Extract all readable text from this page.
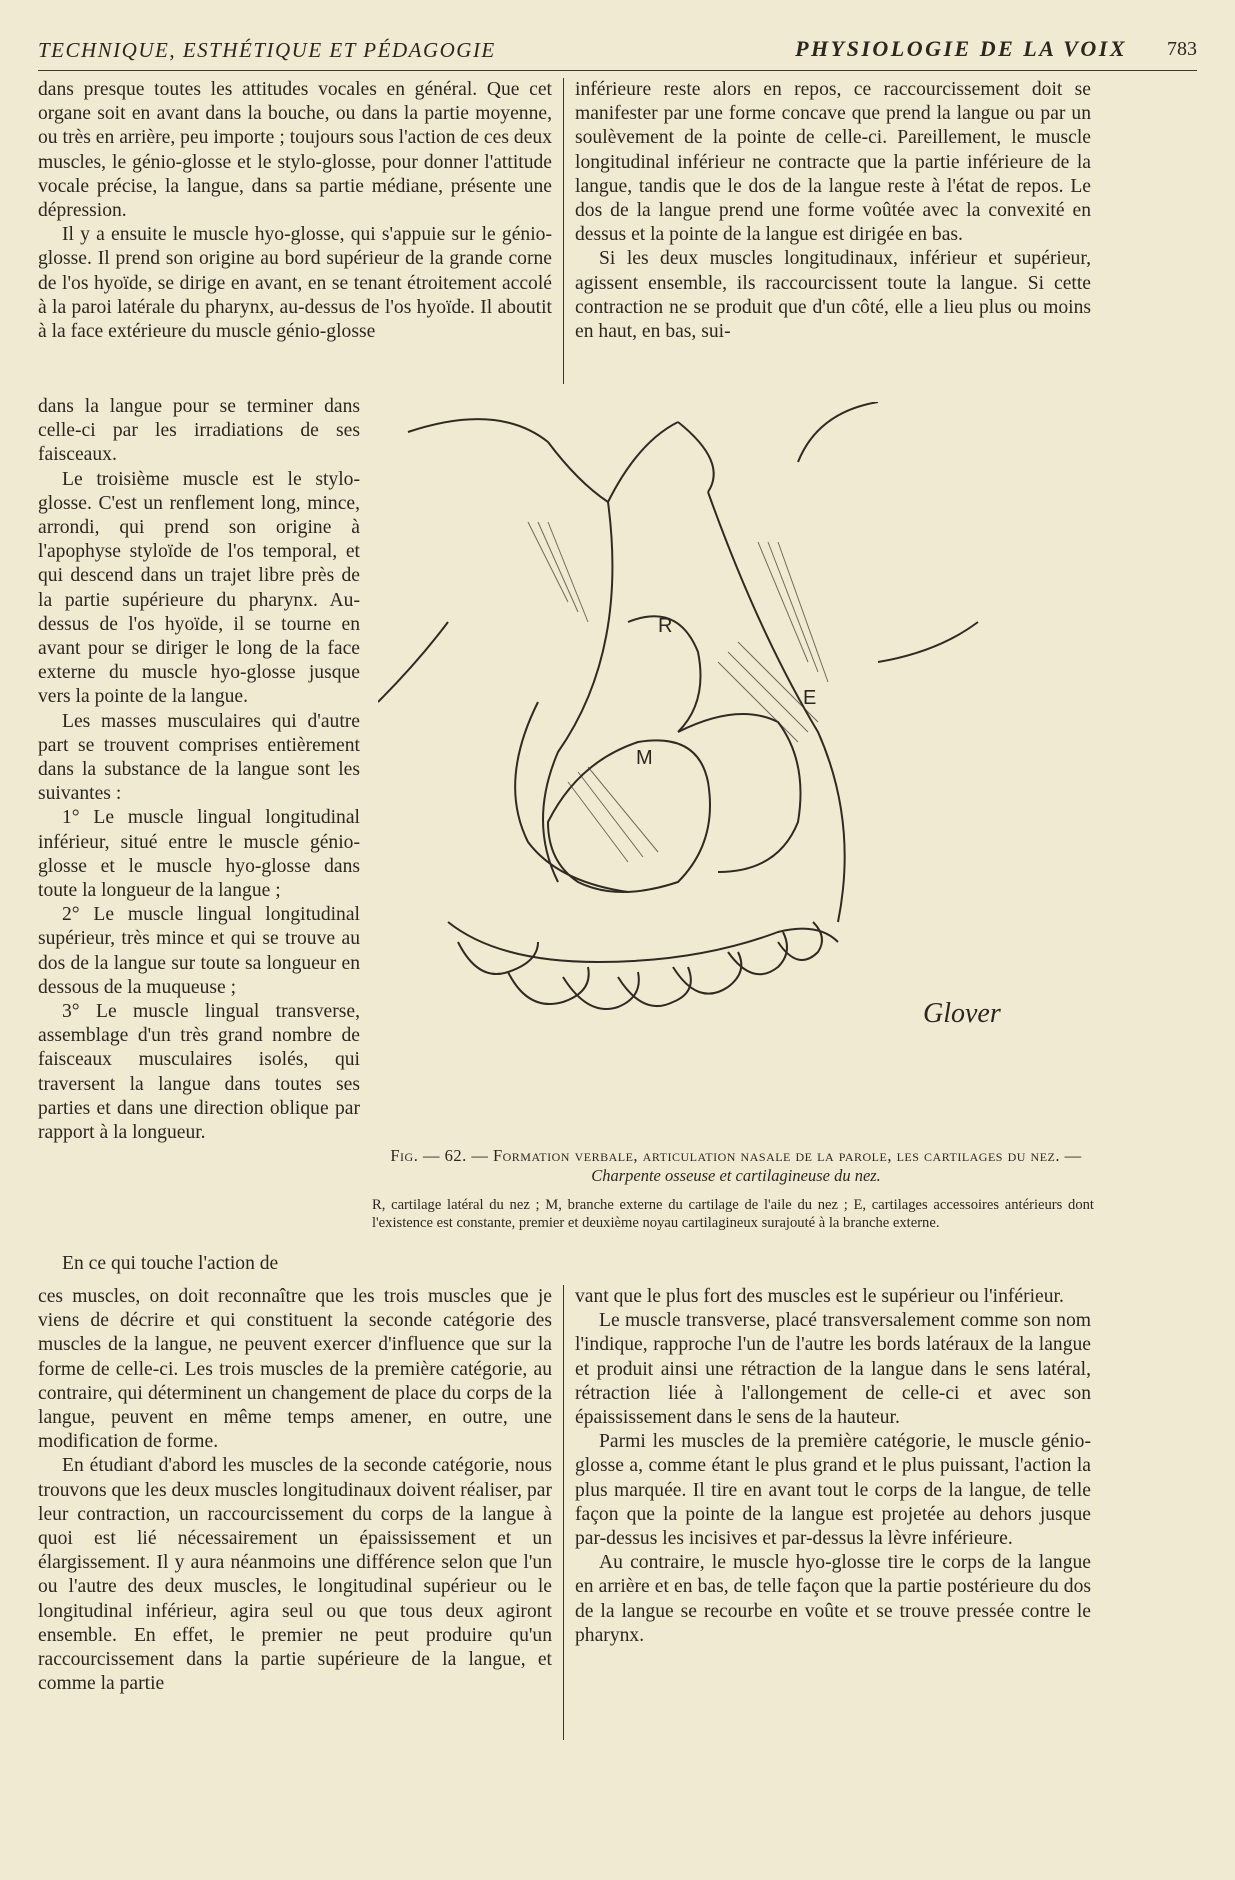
TECHNIQUE, ESTHÉTIQUE ET PÉDAGOGIE	PHYSIOLOGIE DE LA VOIX 783

dans presque toutes les attitudes vocales en général. Que cet organe soit en avant dans la bouche, ou dans la partie moyenne, ou très en arrière, peu importe ; toujours sous l'action de ces deux muscles, le génio-glosse et le stylo-glosse, pour donner l'attitude vocale précise, la langue, dans sa partie médiane, présente une dépression.

Il y a ensuite le muscle hyo-glosse, qui s'appuie sur le génio-glosse. Il prend son origine au bord supérieur de la grande corne de l'os hyoïde, se dirige en avant, en se tenant étroitement accolé à la paroi latérale du pharynx, au-dessus de l'os hyoïde. Il aboutit à la face extérieure du muscle génio-glosse

inférieure reste alors en repos, ce raccourcissement doit se manifester par une forme concave que prend la langue ou par un soulèvement de la pointe de celle-ci. Pareillement, le muscle longitudinal inférieur ne contracte que la partie inférieure de la langue, tandis que le dos de la langue reste à l'état de repos. Le dos de la langue prend une forme voûtée avec la convexité en dessus et la pointe de la langue est dirigée en bas.

Si les deux muscles longitudinaux, inférieur et supérieur, agissent ensemble, ils raccourcissent toute la langue. Si cette contraction ne se produit que d'un côté, elle a lieu plus ou moins en haut, en bas, sui-

dans la langue pour se terminer dans celle-ci par les irradiations de ses faisceaux.

Le troisième muscle est le stylo-glosse. C'est un renflement long, mince, arrondi, qui prend son origine à l'apophyse styloïde de l'os temporal, et qui descend dans un trajet libre près de la partie supérieure du pharynx. Au-dessus de l'os hyoïde, il se tourne en avant pour se diriger le long de la face externe du muscle hyo-glosse jusque vers la pointe de la langue.

Les masses musculaires qui d'autre part se trouvent comprises entièrement dans la substance de la langue sont les suivantes :

1° Le muscle lingual longitudinal inférieur, situé entre le muscle génio-glosse et le muscle hyo-glosse dans toute la longueur de la langue ;

2° Le muscle lingual longitudinal supérieur, très mince et qui se trouve au dos de la langue sur toute sa longueur en dessous de la muqueuse ;

3° Le muscle lingual transverse, assemblage d'un très grand nombre de faisceaux musculaires isolés, qui traversent la langue dans toutes ses parties et dans une direction oblique par rapport à la longueur.

R
E
M
Glover
Fig. — 62. — Formation verbale, articulation nasale de la parole, les cartilages du nez. — Charpente osseuse et cartilagineuse du nez.
R, cartilage latéral du nez ; M, branche externe du cartilage de l'aile du nez ; E, cartilages accessoires antérieurs dont l'existence est constante, premier et deuxième noyau cartilagineux surajouté à la branche externe.
En ce qui touche l'action de

ces muscles, on doit reconnaître que les trois muscles que je viens de décrire et qui constituent la seconde catégorie des muscles de la langue, ne peuvent exercer d'influence que sur la forme de celle-ci. Les trois muscles de la première catégorie, au contraire, qui déterminent un changement de place du corps de la langue, peuvent en même temps amener, en outre, une modification de forme.

En étudiant d'abord les muscles de la seconde catégorie, nous trouvons que les deux muscles longitudinaux doivent réaliser, par leur contraction, un raccourcissement du corps de la langue à quoi est lié nécessairement un épaississement et un élargissement. Il y aura néanmoins une différence selon que l'un ou l'autre des deux muscles, le longitudinal supérieur ou le longitudinal inférieur, agira seul ou que tous deux agiront ensemble. En effet, le premier ne peut produire qu'un raccourcissement dans la partie supérieure de la langue, et comme la partie

vant que le plus fort des muscles est le supérieur ou l'inférieur.

Le muscle transverse, placé transversalement comme son nom l'indique, rapproche l'un de l'autre les bords latéraux de la langue et produit ainsi une rétraction de la langue dans le sens latéral, rétraction liée à l'allongement de celle-ci et avec son épaississement dans le sens de la hauteur.

Parmi les muscles de la première catégorie, le muscle génio-glosse a, comme étant le plus grand et le plus puissant, l'action la plus marquée. Il tire en avant tout le corps de la langue, de telle façon que la pointe de la langue est projetée au dehors jusque par-dessus les incisives et par-dessus la lèvre inférieure.

Au contraire, le muscle hyo-glosse tire le corps de la langue en arrière et en bas, de telle façon que la partie postérieure du dos de la langue se recourbe en voûte et se trouve pressée contre le pharynx.
